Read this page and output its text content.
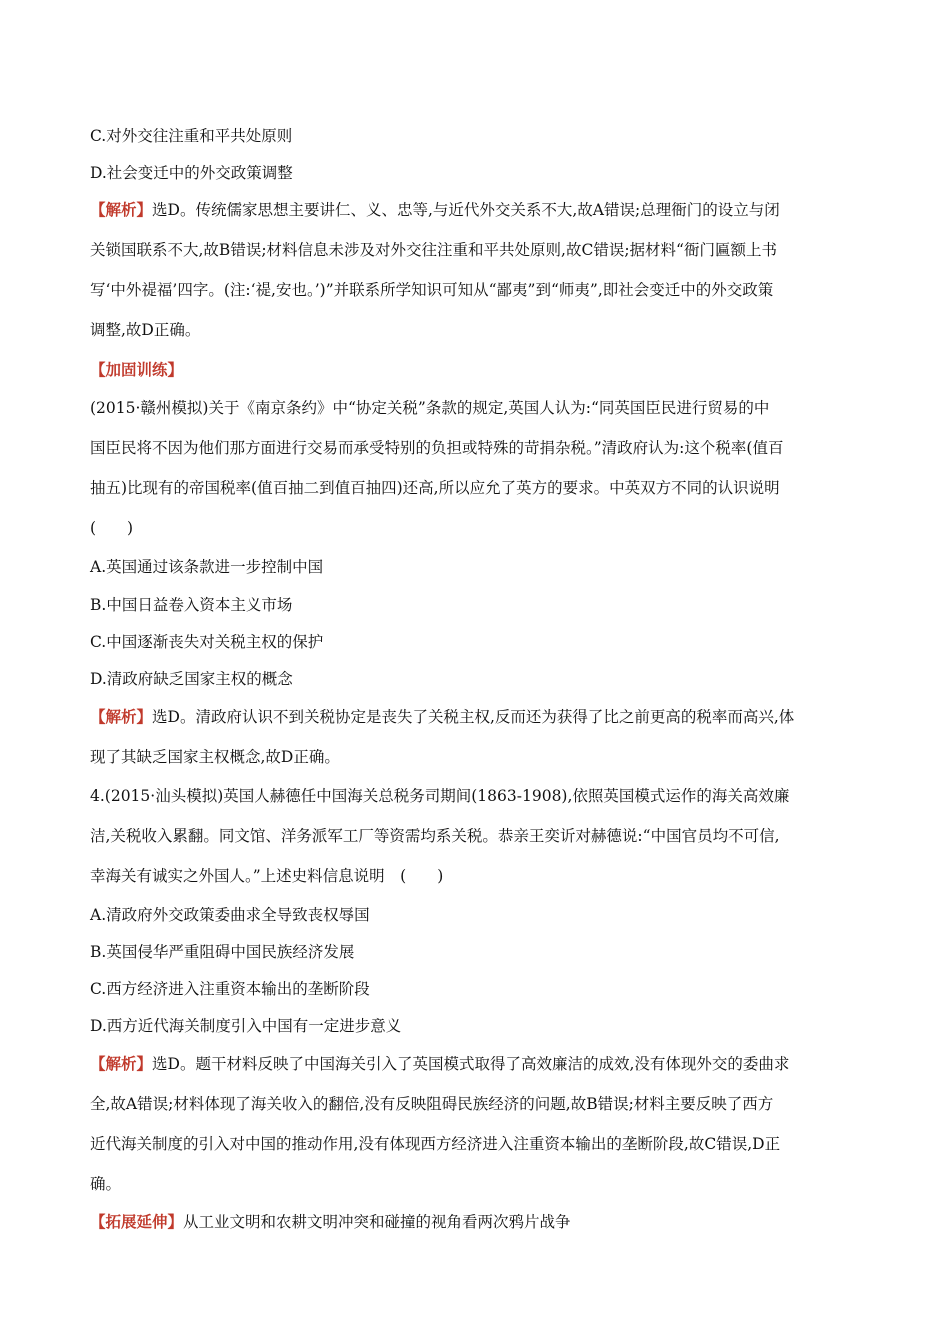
C.对外交往注重和平共处原则
D.社会变迁中的外交政策调整
【解析】选D。传统儒家思想主要讲仁、义、忠等,与近代外交关系不大,故A错误;总理衙门的设立与闭
关锁国联系不大,故B错误;材料信息未涉及对外交往注重和平共处原则,故C错误;据材料“衙门匾额上书
写‘中外禔福’四字。(注:‘禔,安也。’)”并联系所学知识可知从“鄙夷”到“师夷”,即社会变迁中的外交政策
调整,故D正确。
【加固训练】
(2015·赣州模拟)关于《南京条约》中“协定关税”条款的规定,英国人认为:“同英国臣民进行贸易的中
国臣民将不因为他们那方面进行交易而承受特别的负担或特殊的苛捐杂税。”清政府认为:这个税率(值百
抽五)比现有的帝国税率(值百抽二到值百抽四)还高,所以应允了英方的要求。中英双方不同的认识说明
(　　)
A.英国通过该条款进一步控制中国
B.中国日益卷入资本主义市场
C.中国逐渐丧失对关税主权的保护
D.清政府缺乏国家主权的概念
【解析】选D。清政府认识不到关税协定是丧失了关税主权,反而还为获得了比之前更高的税率而高兴,体
现了其缺乏国家主权概念,故D正确。
4.(2015·汕头模拟)英国人赫德任中国海关总税务司期间(1863-1908),依照英国模式运作的海关高效廉
洁,关税收入累翻。同文馆、洋务派军工厂等资需均系关税。恭亲王奕䜣对赫德说:“中国官员均不可信,
幸海关有诚实之外国人。”上述史料信息说明　(　　)
A.清政府外交政策委曲求全导致丧权辱国
B.英国侵华严重阻碍中国民族经济发展
C.西方经济进入注重资本输出的垄断阶段
D.西方近代海关制度引入中国有一定进步意义
【解析】选D。题干材料反映了中国海关引入了英国模式取得了高效廉洁的成效,没有体现外交的委曲求
全,故A错误;材料体现了海关收入的翻倍,没有反映阻碍民族经济的问题,故B错误;材料主要反映了西方
近代海关制度的引入对中国的推动作用,没有体现西方经济进入注重资本输出的垄断阶段,故C错误,D正
确。
【拓展延伸】从工业文明和农耕文明冲突和碰撞的视角看两次鸦片战争
